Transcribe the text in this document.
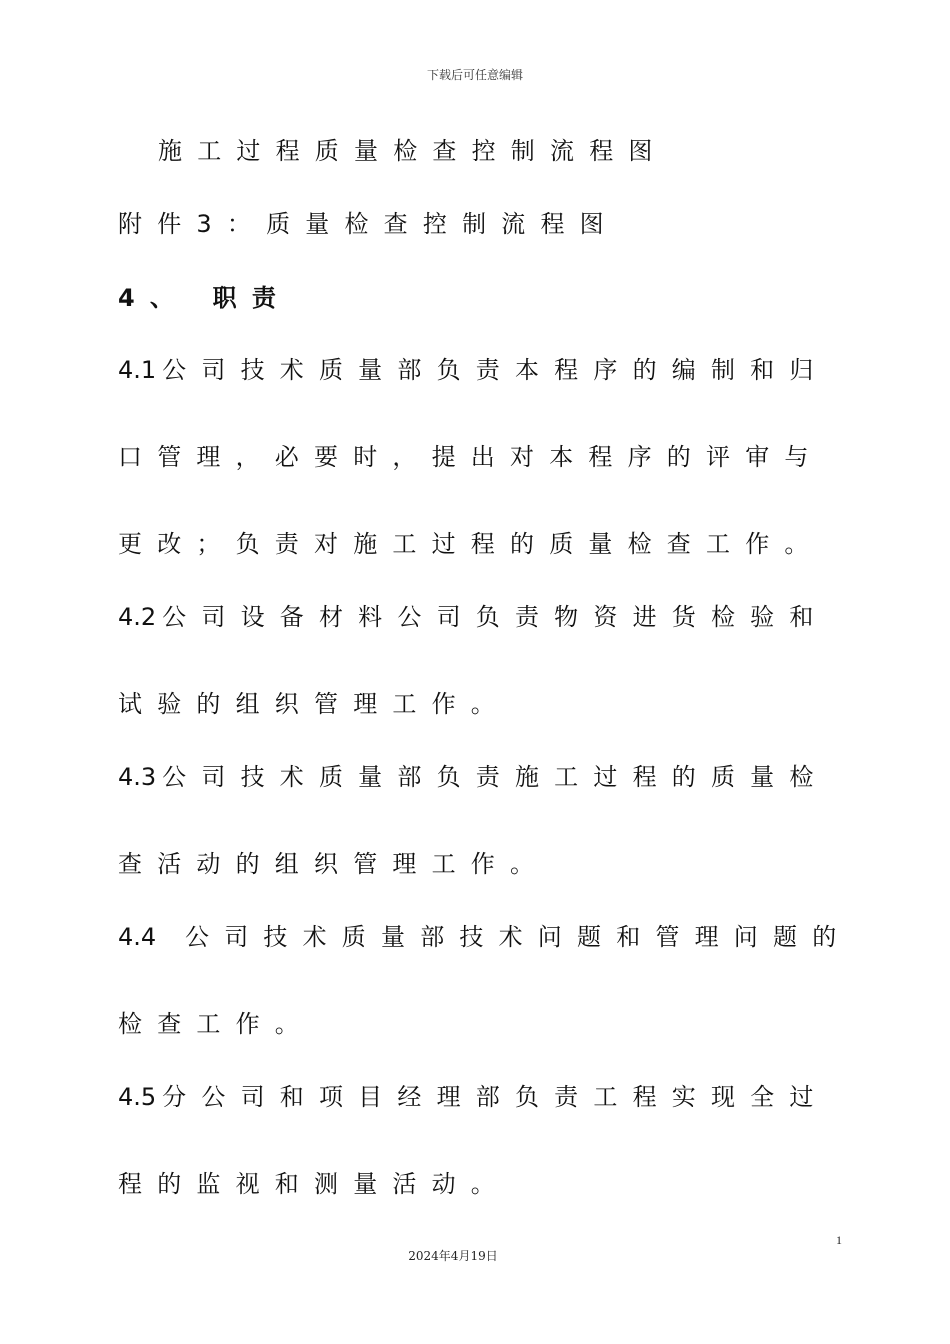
下载后可任意编辑
施工过程质量检查控制流程图
附件3：质量检查控制流程图
4、 职责
4.1 公司技术质量部负责本程序的编制和归
口管理，必要时，提出对本程序的评审与
更改；负责对施工过程的质量检查工作。
4.2 公司设备材料公司负责物资进货检验和
试验的组织管理工作。
4.3 公司技术质量部负责施工过程的质量检
查活动的组织管理工作。
4.4 公司技术质量部技术问题和管理问题的
检查工作。
4.5 分公司和项目经理部负责工程实现全过
程的监视和测量活动。
1
2024年4月19日
